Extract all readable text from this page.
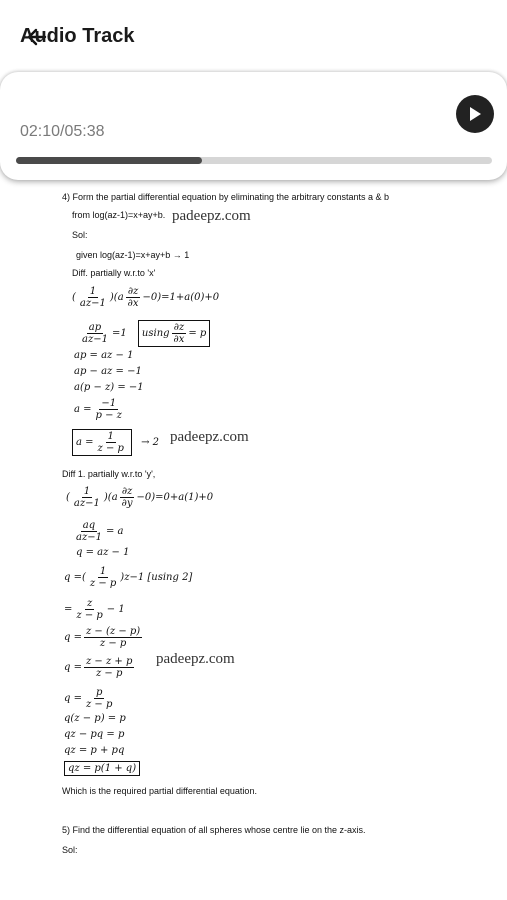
Audio Track
02:10/05:38
4) Form the partial differential equation by eliminating the arbitrary constants a & b
from log(az-1)=x+ay+b. padeepz.com
Sol:
given log(az-1)=x+ay+b → 1
Diff. partially w.r.to 'x'
( $\frac{1}{az-1} )(a \frac{\partial z}{\partial x} -0)=1+a(0)+0$
$\frac{ap}{az-1} =1$ using $\frac{\partial z}{\partial x} = p$
ap = az − 1
ap − az = −1
a(p − z) = −1
$a = \frac{-1}{p - z}$
$a = \frac{1}{z - p} \to 2$ padeepz.com
Diff 1. partially w.r.to 'y',
( $\frac{1}{az-1} )(a \frac{\partial z}{\partial y} -0)=0+a(1)+0$
$\frac{aq}{az-1} = a$
q = az − 1
q =( $\frac{1}{z - p} )z-1$ [using 2]
= $\frac{z}{z - p} - 1$
$q = \frac{z - (z - p)}{z - p}$
$q = \frac{z - z + p}{z - p}$ padeepz.com
$q = \frac{p}{z - p}$
q(z − p) = p
qz − pq = p
qz = p + pq
qz = p(1 + q)
Which is the required partial differential equation.
5) Find the differential equation of all spheres whose centre lie on the z-axis.
Sol:
